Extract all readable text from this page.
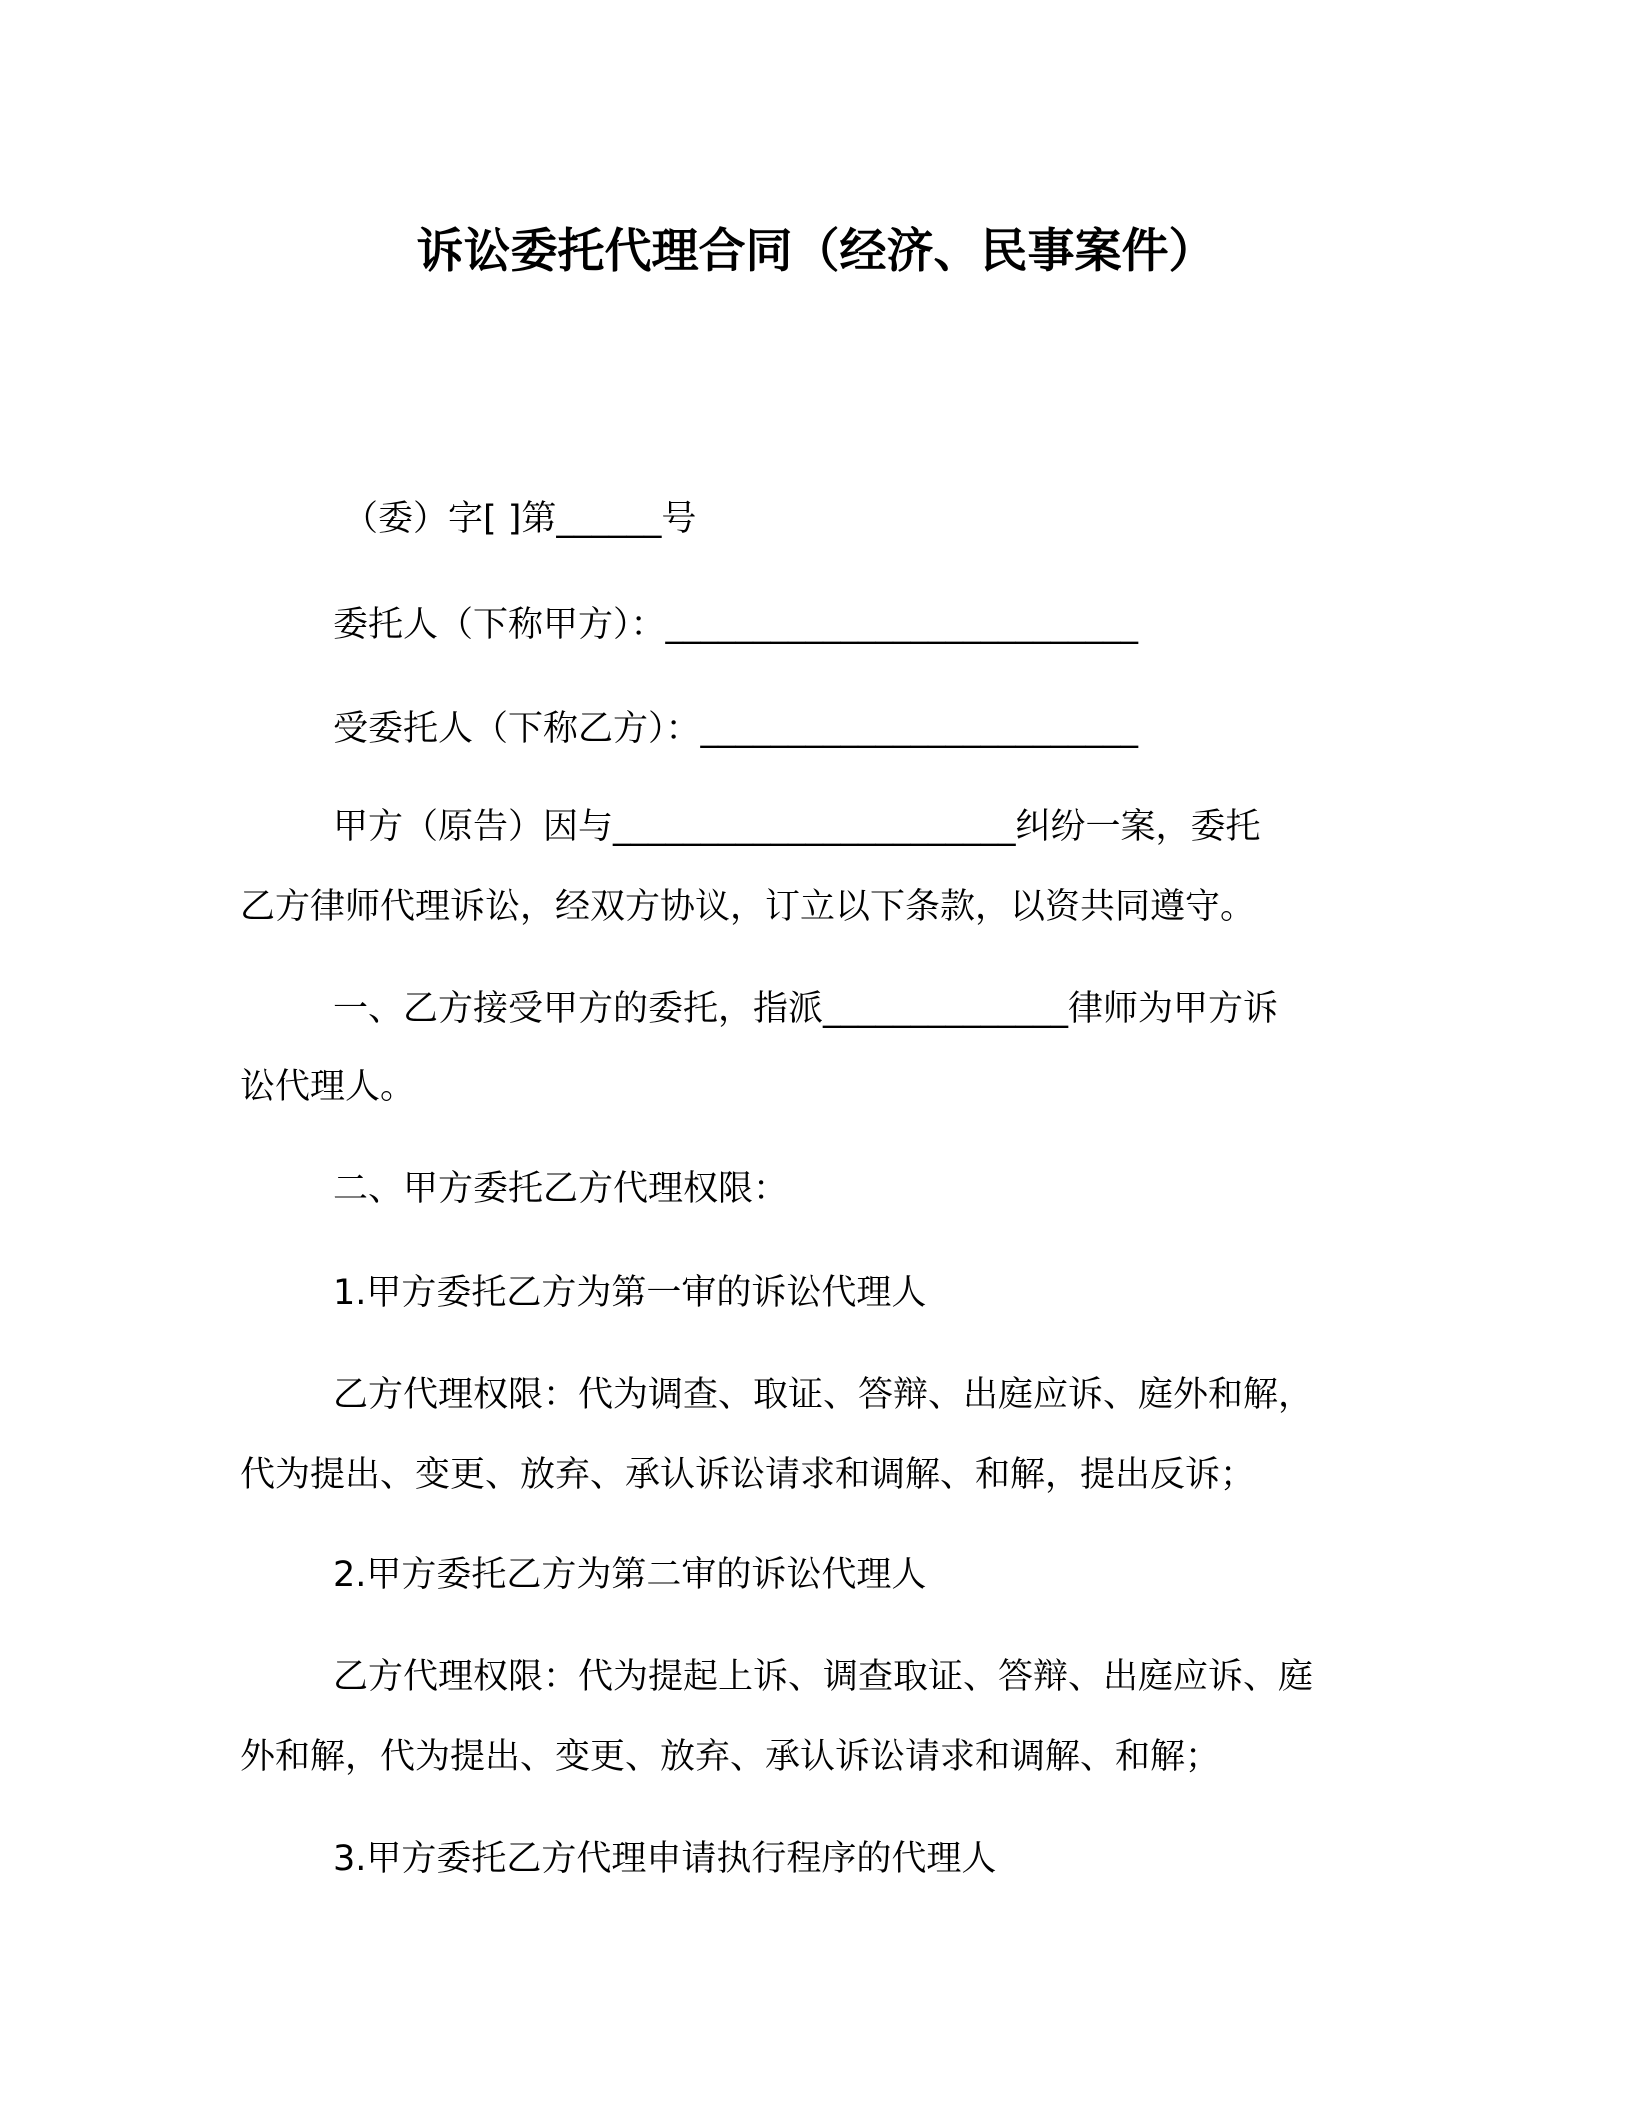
诉讼委托代理合同（经济、民事案件）
（委）字[ ]第______号
委托人（下称甲方）：___________________________
受委托人（下称乙方）：_________________________
甲方（原告）因与_______________________纠纷一案，委托
乙方律师代理诉讼，经双方协议，订立以下条款，以资共同遵守。
一、乙方接受甲方的委托，指派______________律师为甲方诉
讼代理人。
二、甲方委托乙方代理权限：
1.甲方委托乙方为第一审的诉讼代理人
乙方代理权限：代为调查、取证、答辩、出庭应诉、庭外和解，
代为提出、变更、放弃、承认诉讼请求和调解、和解，提出反诉；
2.甲方委托乙方为第二审的诉讼代理人
乙方代理权限：代为提起上诉、调查取证、答辩、出庭应诉、庭
外和解，代为提出、变更、放弃、承认诉讼请求和调解、和解；
3.甲方委托乙方代理申请执行程序的代理人
